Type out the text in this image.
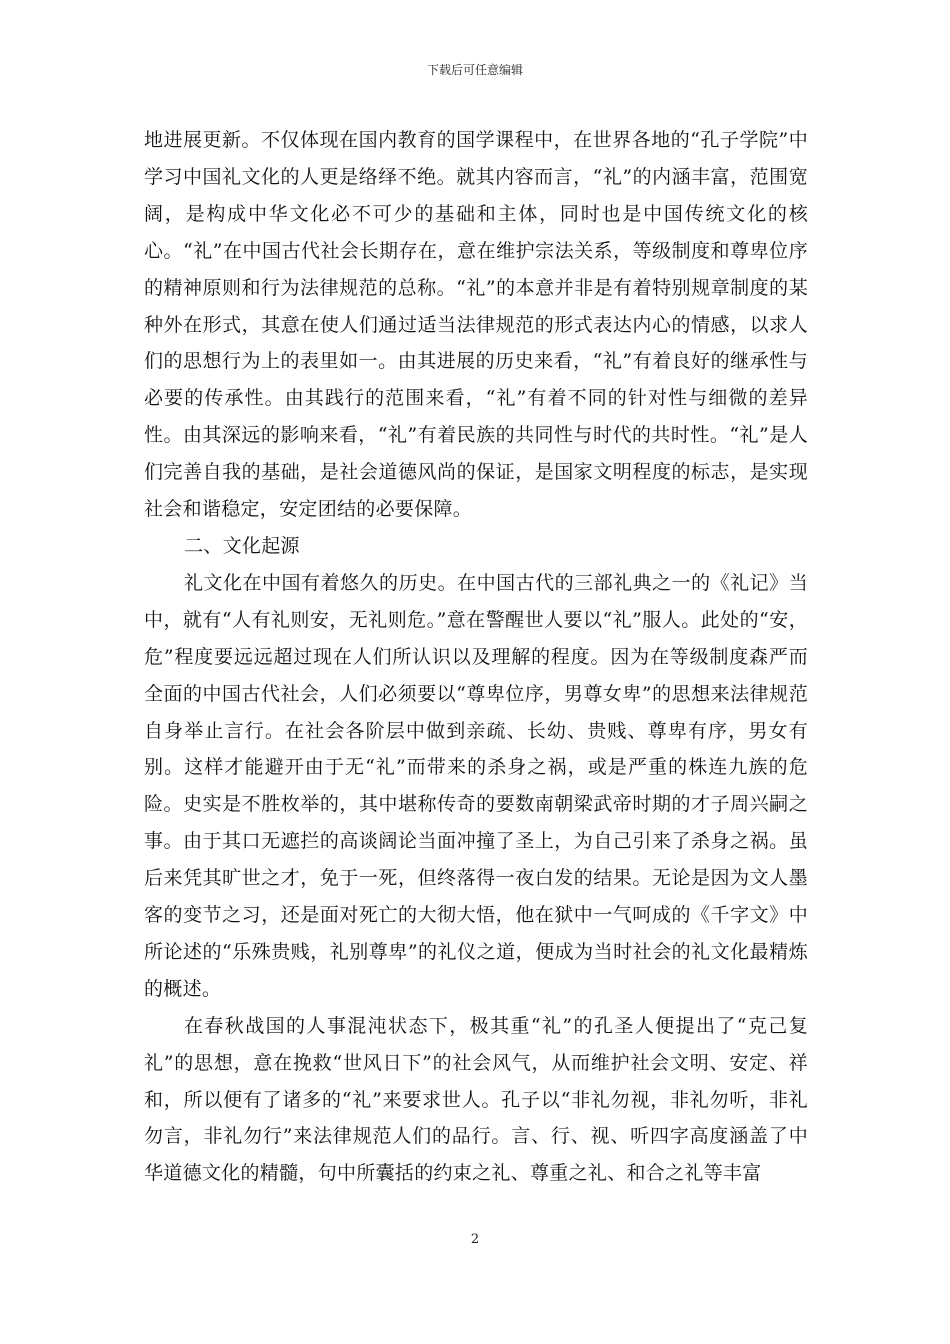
下载后可任意编辑

地进展更新。不仅体现在国内教育的国学课程中，在世界各地的“孔子学院”中学习中国礼文化的人更是络绎不绝。就其内容而言，“礼”的内涵丰富，范围宽阔，是构成中华文化必不可少的基础和主体，同时也是中国传统文化的核心。“礼”在中国古代社会长期存在，意在维护宗法关系，等级制度和尊卑位序的精神原则和行为法律规范的总称。“礼”的本意并非是有着特别规章制度的某种外在形式，其意在使人们通过适当法律规范的形式表达内心的情感，以求人们的思想行为上的表里如一。由其进展的历史来看，“礼”有着良好的继承性与必要的传承性。由其践行的范围来看，“礼”有着不同的针对性与细微的差异性。由其深远的影响来看，“礼”有着民族的共同性与时代的共时性。“礼”是人们完善自我的基础，是社会道德风尚的保证，是国家文明程度的标志，是实现社会和谐稳定，安定团结的必要保障。

二、文化起源

礼文化在中国有着悠久的历史。在中国古代的三部礼典之一的《礼记》当中，就有“人有礼则安，无礼则危。”意在警醒世人要以“礼”服人。此处的“安，危”程度要远远超过现在人们所认识以及理解的程度。因为在等级制度森严而全面的中国古代社会，人们必须要以“尊卑位序，男尊女卑”的思想来法律规范自身举止言行。在社会各阶层中做到亲疏、长幼、贵贱、尊卑有序，男女有别。这样才能避开由于无“礼”而带来的杀身之祸，或是严重的株连九族的危险。史实是不胜枚举的，其中堪称传奇的要数南朝梁武帝时期的才子周兴嗣之事。由于其口无遮拦的高谈阔论当面冲撞了圣上，为自己引来了杀身之祸。虽后来凭其旷世之才，免于一死，但终落得一夜白发的结果。无论是因为文人墨客的变节之习，还是面对死亡的大彻大悟，他在狱中一气呵成的《千字文》中所论述的“乐殊贵贱，礼别尊卑”的礼仪之道，便成为当时社会的礼文化最精炼的概述。

在春秋战国的人事混沌状态下，极其重“礼”的孔圣人便提出了“克己复礼”的思想，意在挽救“世风日下”的社会风气，从而维护社会文明、安定、祥和，所以便有了诸多的“礼”来要求世人。孔子以“非礼勿视，非礼勿听，非礼勿言，非礼勿行”来法律规范人们的品行。言、行、视、听四字高度涵盖了中华道德文化的精髓，句中所囊括的约束之礼、尊重之礼、和合之礼等丰富

2
